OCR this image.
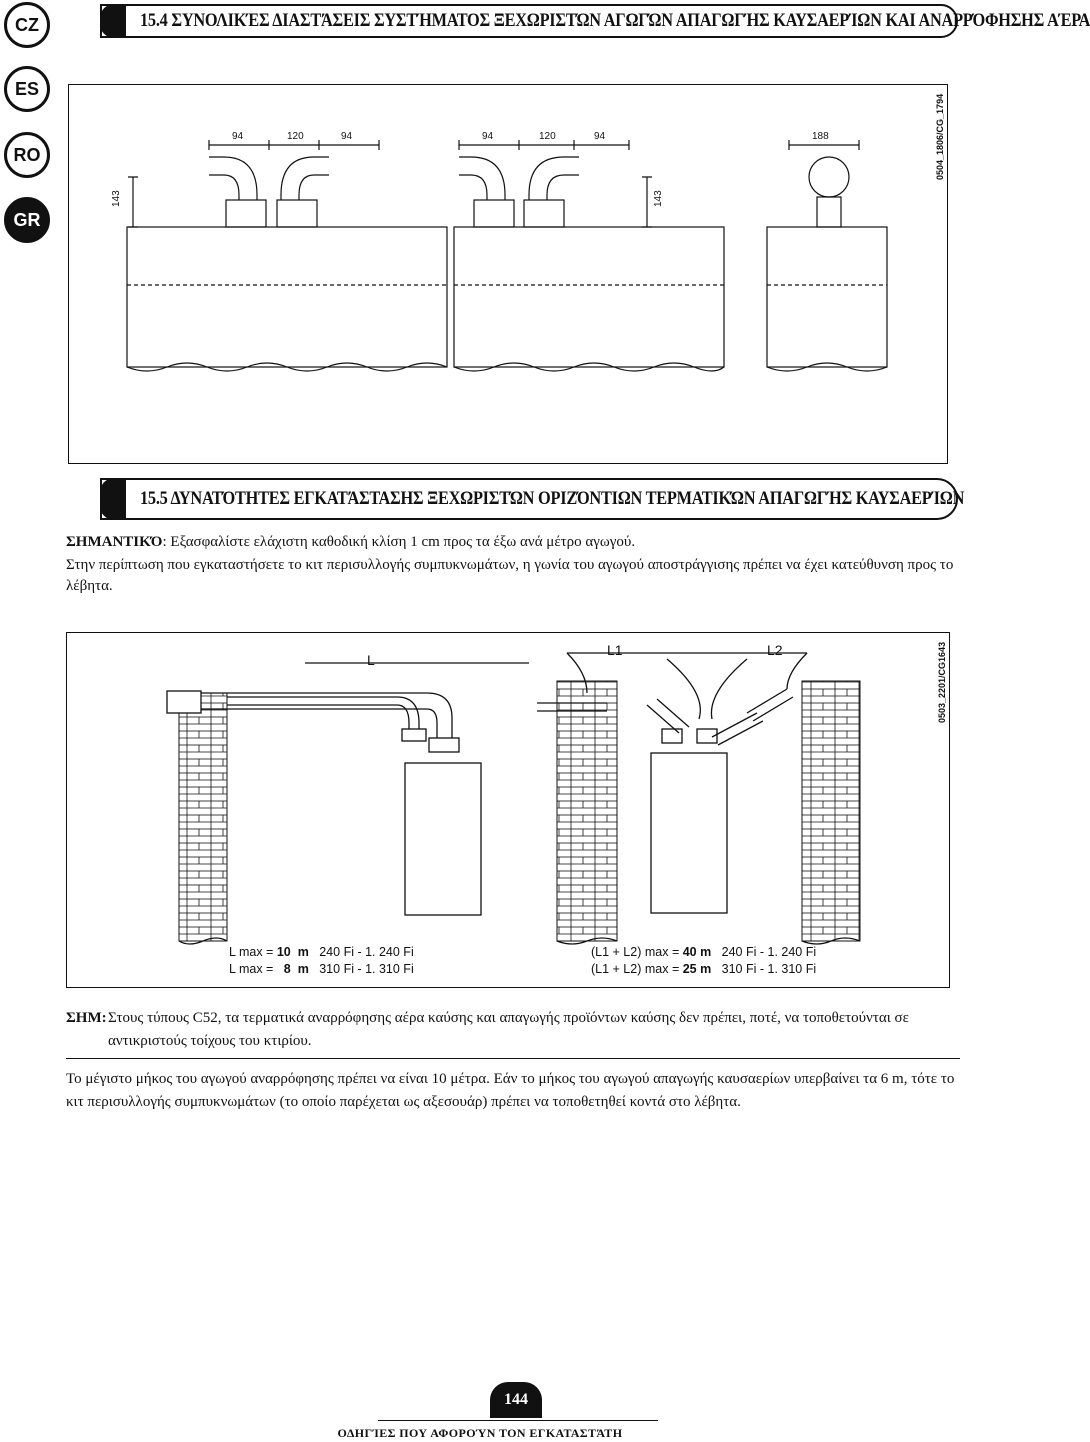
CZ
ES
RO
GR
15.4 ΣΥΝΟΛΙΚΈΣ ΔΙΑΣΤΆΣΕΙΣ ΣΥΣΤΉΜΑΤΟΣ ΞΕΧΩΡΙΣΤΏΝ ΑΓΩΓΏΝ ΑΠΑΓΩΓΉΣ ΚΑΥΣΑΕΡΊΩΝ ΚΑΙ ΑΝΑΡΡΌΦΗΣΗΣ ΑΈΡΑ
94	120	94	94	120	94	188
143	143
0504_1806/CG_1794
15.5 ΔΥΝΑΤΌΤΗΤΕΣ ΕΓΚΑΤΆΣΤΑΣΗΣ ΞΕΧΩΡΙΣΤΏΝ ΟΡΙΖΌΝΤΙΩΝ ΤΕΡΜΑΤΙΚΏΝ ΑΠΑΓΩΓΉΣ ΚΑΥΣΑΕΡΊΩΝ
ΣΗΜΑΝΤΙΚΌ: Εξασφαλίστε ελάχιστη καθοδική κλίση 1 cm προς τα έξω ανά μέτρο αγωγού.
Στην περίπτωση που εγκαταστήσετε το κιτ περισυλλογής συμπυκνωμάτων, η γωνία του αγωγού αποστράγγισης πρέπει να έχει κατεύθυνση προς το λέβητα.
L
L1	L2	0503_2201/CG1643
L max = 10 m 240 Fi - 1. 240 Fi
L max =   8 m 310 Fi - 1. 310 Fi
(L1 + L2) max = 40 m 240 Fi - 1. 240 Fi
(L1 + L2) max = 25 m 310 Fi - 1. 310 Fi
ΣΗΜ: Στους τύπους C52, τα τερματικά αναρρόφησης αέρα καύσης και απαγωγής προϊόντων καύσης δεν πρέπει, ποτέ, να τοποθετούνται σε αντικριστούς τοίχους του κτιρίου.
Το μέγιστο μήκος του αγωγού αναρρόφησης πρέπει να είναι 10 μέτρα. Εάν το μήκος του αγωγού απαγωγής καυσαερίων υπερβαίνει τα 6 m, τότε το κιτ περισυλλογής συμπυκνωμάτων (το οποίο παρέχεται ως αξεσουάρ) πρέπει να τοποθετηθεί κοντά στο λέβητα.
144
ΟΔΗΓΊΕΣ ΠΟΥ ΑΦΟΡΟΎΝ ΤΟΝ ΕΓΚΑΤΑΣΤΆΤΗ
